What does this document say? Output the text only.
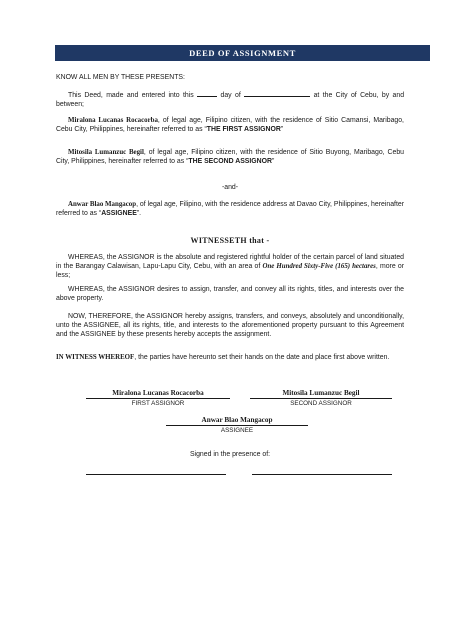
DEED OF ASSIGNMENT
KNOW ALL MEN BY THESE PRESENTS:
This Deed, made and entered into this	day of	at the City of Cebu, by and between;
Miralona Lucanas Rocacorba, of legal age, Filipino citizen, with the residence of Sitio Camansi, Maribago, Cebu City, Philippines, hereinafter referred to as “THE FIRST ASSIGNOR”
Mitosila Lumanzuc Begil, of legal age, Filipino citizen, with the residence of Sitio Buyong, Maribago, Cebu City, Philippines, hereinafter referred to as “THE SECOND ASSIGNOR”
-and-
Anwar Blao Mangacop, of legal age, Filipino, with the residence address at Davao City, Philippines, hereinafter referred to as “ASSIGNEE”.
WITNESSETH that -
WHEREAS, the ASSIGNOR is the absolute and registered rightful holder of the certain parcel of land situated in the Barangay Calawisan, Lapu-Lapu City, Cebu, with an area of One Hundred Sixty-Five (165) hectares, more or less;
WHEREAS, the ASSIGNOR desires to assign, transfer, and convey all its rights, titles, and interests over the above property.
NOW, THEREFORE, the ASSIGNOR hereby assigns, transfers, and conveys, absolutely and unconditionally, unto the ASSIGNEE, all its rights, title, and interests to the aforementioned property pursuant to this Agreement and the ASSIGNEE by these presents hereby accepts the assignment.
IN WITNESS WHEREOF, the parties have hereunto set their hands on the date and place first above written.
Miralona Lucanas Rocacorba
FIRST ASSIGNOR
Mitosila Lumanzuc Begil
SECOND ASSIGNOR
Anwar Blao Mangacop
ASSIGNEE
Signed in the presence of:
